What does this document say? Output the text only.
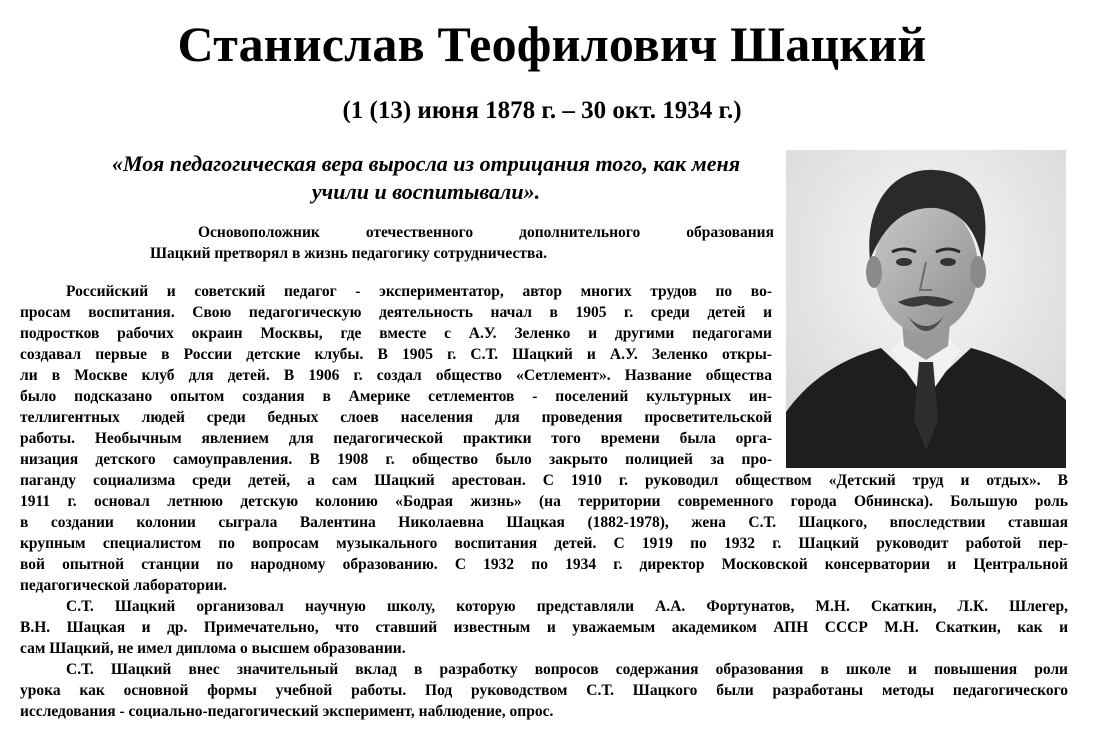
Станислав Теофилович Шацкий
(1 (13) июня 1878 г. – 30 окт. 1934 г.)
«Моя педагогическая вера выросла из отрицания того, как меня учили и воспитывали».
Основоположник отечественного дополнительного образования
Шацкий претворял в жизнь педагогику сотрудничества.
Российский и советский педагог - экспериментатор, автор многих трудов по во-
просам воспитания. Свою педагогическую деятельность начал в 1905 г. среди детей и
подростков рабочих окраин Москвы, где вместе с А.У. Зеленко и другими педагогами
создавал первые в России детские клубы. В 1905 г. С.Т. Шацкий и А.У. Зеленко откры-
ли в Москве клуб для детей. В 1906 г. создал общество «Сетлемент». Название общества
было подсказано опытом создания в Америке сетлементов - поселений культурных ин-
теллигентных людей среди бедных слоев населения для проведения просветительской
работы. Необычным явлением для педагогической практики того времени была орга-
низация детского самоуправления. В 1908 г. общество было закрыто полицией за про-
паганду социализма среди детей, а сам Шацкий арестован. С 1910 г. руководил обществом «Детский труд и отдых». В
1911 г. основал летнюю детскую колонию «Бодрая жизнь» (на территории современного города Обнинска). Большую роль
в создании колонии сыграла Валентина Николаевна Шацкая (1882-1978), жена С.Т. Шацкого, впоследствии ставшая
крупным специалистом по вопросам музыкального воспитания детей. С 1919 по 1932 г. Шацкий руководит работой пер-
вой опытной станции по народному образованию. С 1932 по 1934 г. директор Московской консерватории и Центральной
педагогической лаборатории.
С.Т. Шацкий организовал научную школу, которую представляли А.А. Фортунатов, М.Н. Скаткин, Л.К. Шлегер,
В.Н. Шацкая и др. Примечательно, что ставший известным и уважаемым академиком АПН СССР М.Н. Скаткин, как и
сам Шацкий, не имел диплома о высшем образовании.
С.Т. Шацкий внес значительный вклад в разработку вопросов содержания образования в школе и повышения роли
урока как основной формы учебной работы. Под руководством С.Т. Шацкого были разработаны методы педагогического
исследования - социально-педагогический эксперимент, наблюдение, опрос.
